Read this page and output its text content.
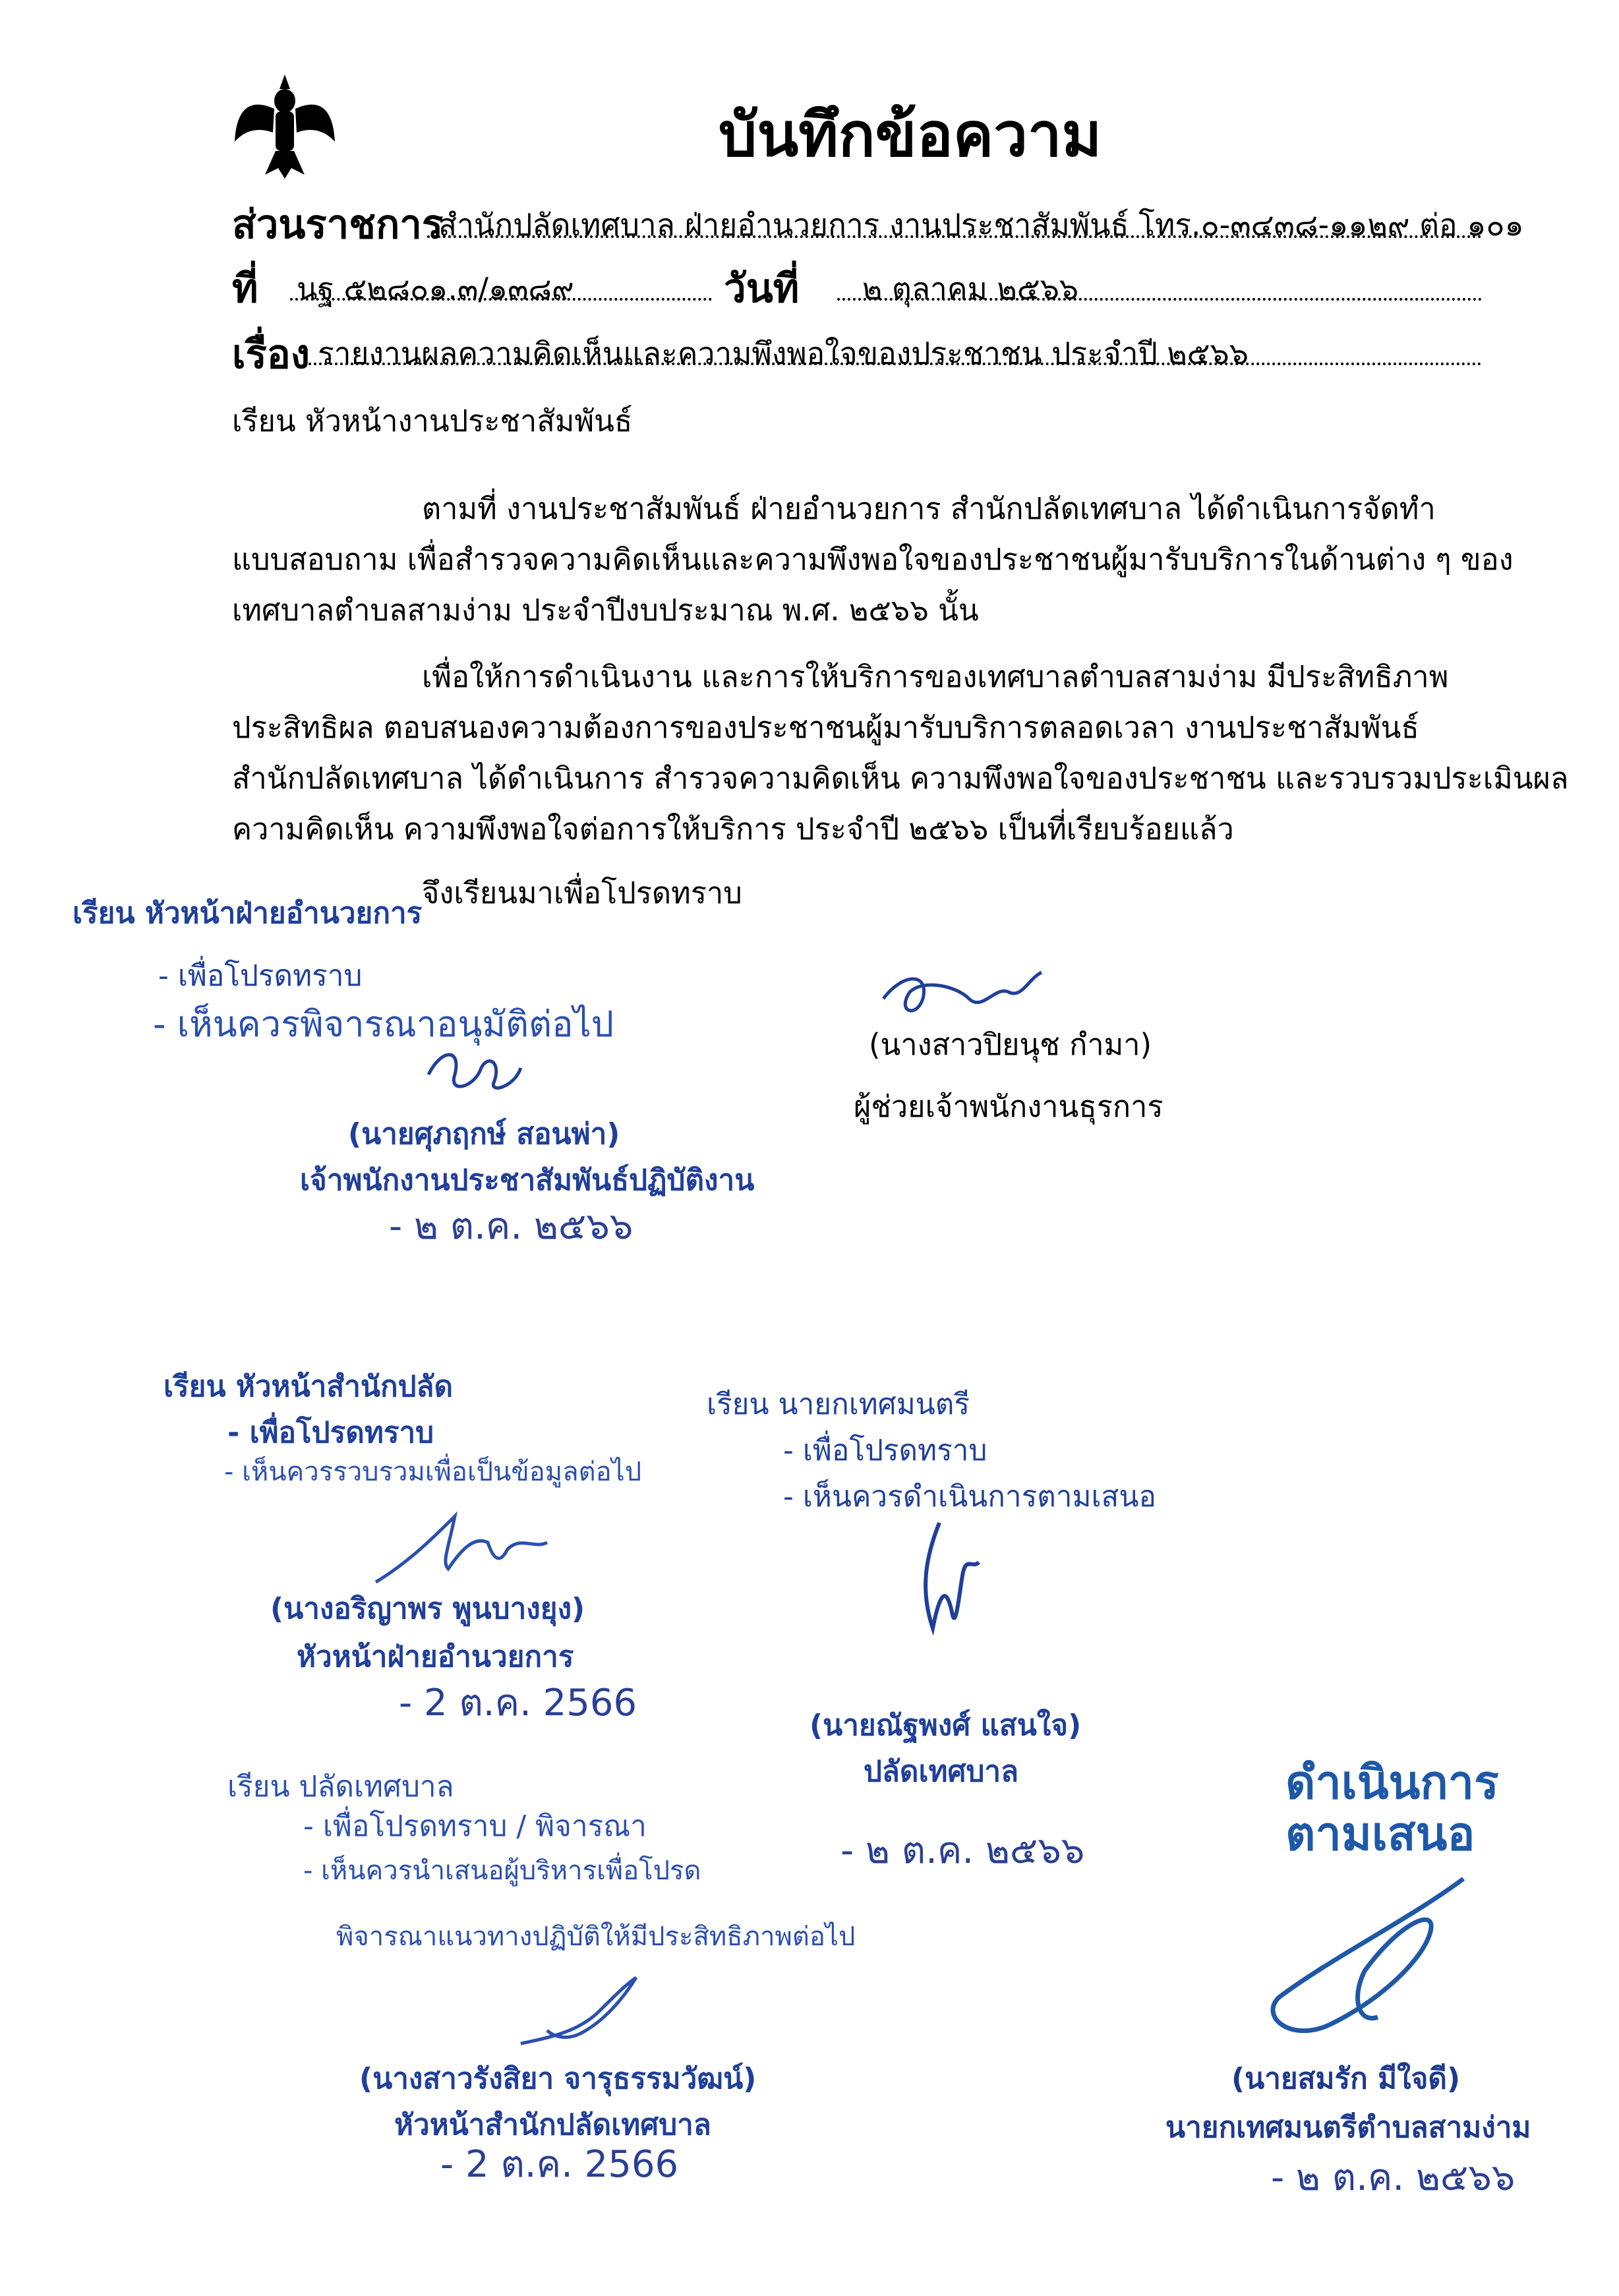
บันทึกข้อความ
ส่วนราชการ
สำนักปลัดเทศบาล ฝ่ายอำนวยการ งานประชาสัมพันธ์ โทร.๐-๓๔๓๘-๑๑๒๙ ต่อ ๑๐๑
ที่ นฐ ๕๒๘๐๑.๓/๑๓๘๙	วันที่ ๒ ตุลาคม ๒๕๖๖
เรื่อง รายงานผลความคิดเห็นและความพึงพอใจของประชาชน ประจำปี ๒๕๖๖
เรียน หัวหน้างานประชาสัมพันธ์
ตามที่ งานประชาสัมพันธ์ ฝ่ายอำนวยการ สำนักปลัดเทศบาล ได้ดำเนินการจัดทำ
แบบสอบถาม เพื่อสำรวจความคิดเห็นและความพึงพอใจของประชาชนผู้มารับบริการในด้านต่าง ๆ ของ
เทศบาลตำบลสามง่าม ประจำปีงบประมาณ พ.ศ. ๒๕๖๖ นั้น
เพื่อให้การดำเนินงาน และการให้บริการของเทศบาลตำบลสามง่าม มีประสิทธิภาพ
ประสิทธิผล ตอบสนองความต้องการของประชาชนผู้มารับบริการตลอดเวลา งานประชาสัมพันธ์
สำนักปลัดเทศบาล ได้ดำเนินการ สำรวจความคิดเห็น ความพึงพอใจของประชาชน และรวบรวมประเมินผล
ความคิดเห็น ความพึงพอใจต่อการให้บริการ ประจำปี ๒๕๖๖ เป็นที่เรียบร้อยแล้ว
จึงเรียนมาเพื่อโปรดทราบ
(นางสาวปิยนุช กำมา)
ผู้ช่วยเจ้าพนักงานธุรการ
เรียน หัวหน้าฝ่ายอำนวยการ
- เพื่อโปรดทราบ
- เห็นควรพิจารณาอนุมัติต่อไป
(นายศุภฤกษ์ สอนพ่า)
เจ้าพนักงานประชาสัมพันธ์ปฏิบัติงาน
- ๒ ต.ค. ๒๕๖๖
เรียน หัวหน้าสำนักปลัด
- เพื่อโปรดทราบ
- เห็นควรรวบรวมเพื่อเป็นข้อมูลต่อไป
(นางอริญาพร พูนบางยุง)
หัวหน้าฝ่ายอำนวยการ
- 2 ต.ค. 2566
เรียน ปลัดเทศบาล
- เพื่อโปรดทราบ / พิจารณา
- เห็นควรนำเสนอผู้บริหารเพื่อโปรด
พิจารณาแนวทางปฏิบัติให้มีประสิทธิภาพต่อไป
(นางสาวรังสิยา จารุธรรมวัฒน์)
หัวหน้าสำนักปลัดเทศบาล
- 2 ต.ค. 2566
เรียน นายกเทศมนตรี
- เพื่อโปรดทราบ
- เห็นควรดำเนินการตามเสนอ
(นายณัฐพงศ์ แสนใจ)
ปลัดเทศบาล
- ๒ ต.ค. ๒๕๖๖
ดำเนินการ ตามเสนอ
(นายสมรัก มีใจดี)
นายกเทศมนตรีตำบลสามง่าม
- ๒ ต.ค. ๒๕๖๖
